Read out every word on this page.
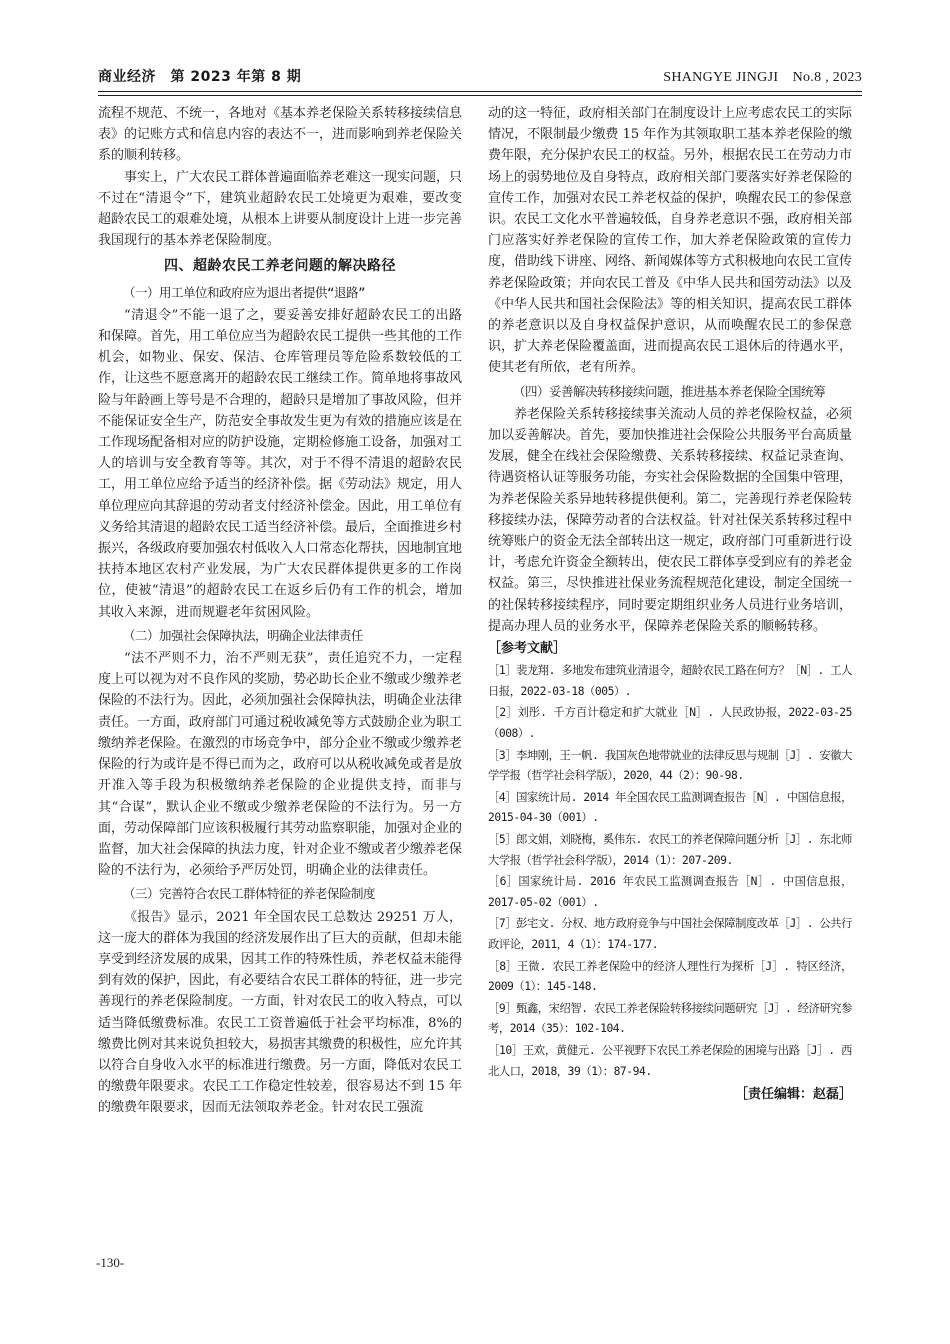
商业经济　第 2023 年第 8 期	SHANGYE JINGJI　No.8 , 2023

流程不规范、不统一，各地对《基本养老保险关系转移接续信息表》的记账方式和信息内容的表达不一，进而影响到养老保险关系的顺利转移。

事实上，广大农民工群体普遍面临养老难这一现实问题，只不过在“清退令”下，建筑业超龄农民工处境更为艰难，要改变超龄农民工的艰难处境，从根本上讲要从制度设计上进一步完善我国现行的基本养老保险制度。

四、超龄农民工养老问题的解决路径
（一）用工单位和政府应为退出者提供“退路”

“清退令”不能一退了之，要妥善安排好超龄农民工的出路和保障。首先，用工单位应当为超龄农民工提供一些其他的工作机会，如物业、保安、保洁、仓库管理员等危险系数较低的工作，让这些不愿意离开的超龄农民工继续工作。简单地将事故风险与年龄画上等号是不合理的，超龄只是增加了事故风险，但并不能保证安全生产，防范安全事故发生更为有效的措施应该是在工作现场配备相对应的防护设施，定期检修施工设备，加强对工人的培训与安全教育等等。其次，对于不得不清退的超龄农民工，用工单位应给予适当的经济补偿。据《劳动法》规定，用人单位理应向其辞退的劳动者支付经济补偿金。因此，用工单位有义务给其清退的超龄农民工适当经济补偿。最后，全面推进乡村振兴，各级政府要加强农村低收入人口常态化帮扶，因地制宜地扶持本地区农村产业发展，为广大农民群体提供更多的工作岗位，使被“清退”的超龄农民工在返乡后仍有工作的机会，增加其收入来源，进而规避老年贫困风险。

（二）加强社会保障执法，明确企业法律责任

“法不严则不力，治不严则无获”，责任追究不力，一定程度上可以视为对不良作风的奖励，势必助长企业不缴或少缴养老保险的不法行为。因此，必须加强社会保障执法，明确企业法律责任。一方面，政府部门可通过税收减免等方式鼓励企业为职工缴纳养老保险。在激烈的市场竞争中，部分企业不缴或少缴养老保险的行为或许是不得已而为之，政府可以从税收减免或者是放开准入等手段为积极缴纳养老保险的企业提供支持，而非与其“合谋”，默认企业不缴或少缴养老保险的不法行为。另一方面，劳动保障部门应该积极履行其劳动监察职能，加强对企业的监督，加大社会保障的执法力度，针对企业不缴或者少缴养老保险的不法行为，必须给予严厉处罚，明确企业的法律责任。

（三）完善符合农民工群体特征的养老保险制度

《报告》显示，2021 年全国农民工总数达 29251 万人，这一庞大的群体为我国的经济发展作出了巨大的贡献，但却未能享受到经济发展的成果，因其工作的特殊性质，养老权益未能得到有效的保护，因此，有必要结合农民工群体的特征，进一步完善现行的养老保险制度。一方面，针对农民工的收入特点，可以适当降低缴费标准。农民工工资普遍低于社会平均标准，8%的缴费比例对其来说负担较大，易损害其缴费的积极性，应允许其以符合自身收入水平的标准进行缴费。另一方面，降低对农民工的缴费年限要求。农民工工作稳定性较差，很容易达不到 15 年的缴费年限要求，因而无法领取养老金。针对农民工强流

动的这一特征，政府相关部门在制度设计上应考虑农民工的实际情况，不限制最少缴费 15 年作为其领取职工基本养老保险的缴费年限，充分保护农民工的权益。另外，根据农民工在劳动力市场上的弱势地位及自身特点，政府相关部门要落实好养老保险的宣传工作，加强对农民工养老权益的保护，唤醒农民工的参保意识。农民工文化水平普遍较低，自身养老意识不强，政府相关部门应落实好养老保险的宣传工作，加大养老保险政策的宣传力度，借助线下讲座、网络、新闻媒体等方式积极地向农民工宣传养老保险政策；并向农民工普及《中华人民共和国劳动法》以及《中华人民共和国社会保险法》等的相关知识，提高农民工群体的养老意识以及自身权益保护意识，从而唤醒农民工的参保意识，扩大养老保险覆盖面，进而提高农民工退休后的待遇水平，使其老有所依，老有所养。

（四）妥善解决转移接续问题，推进基本养老保险全国统筹

养老保险关系转移接续事关流动人员的养老保险权益，必须加以妥善解决。首先，要加快推进社会保险公共服务平台高质量发展，健全在线社会保险缴费、关系转移接续、权益记录查询、待遇资格认证等服务功能，夯实社会保险数据的全国集中管理，为养老保险关系异地转移提供便利。第二，完善现行养老保险转移接续办法，保障劳动者的合法权益。针对社保关系转移过程中统筹账户的资金无法全部转出这一规定，政府部门可重新进行设计，考虑允许资金全额转出，使农民工群体享受到应有的养老金权益。第三，尽快推进社保业务流程规范化建设，制定全国统一的社保转移接续程序，同时要定期组织业务人员进行业务培训，提高办理人员的业务水平，保障养老保险关系的顺畅转移。

［参考文献］
［1］裴龙翔. 多地发布建筑业清退令，超龄农民工路在何方？［N］. 工人日报，2022-03-18（005）.
［2］刘彤. 千方百计稳定和扩大就业［N］. 人民政协报，2022-03-25（008）.
［3］李坤刚，王一帆. 我国灰色地带就业的法律反思与规制［J］. 安徽大学学报（哲学社会科学版），2020，44（2）：90-98.
［4］国家统计局. 2014 年全国农民工监测调查报告［N］. 中国信息报，2015-04-30（001）.
［5］郎文娟，刘晓梅，奚伟东. 农民工的养老保障问题分析［J］. 东北师大学报（哲学社会科学版），2014（1）：207-209.
［6］国家统计局. 2016 年农民工监测调查报告［N］. 中国信息报，2017-05-02（001）.
［7］彭宅文. 分权、地方政府竞争与中国社会保障制度改革［J］. 公共行政评论，2011，4（1）：174-177.
［8］王微. 农民工养老保险中的经济人理性行为探析［J］. 特区经济，2009（1）：145-148.
［9］甄鑫，宋绍智. 农民工养老保险转移接续问题研究［J］. 经济研究参考，2014（35）：102-104.
［10］王欢，黄健元. 公平视野下农民工养老保险的困境与出路［J］. 西北人口，2018，39（1）：87-94.
［责任编辑：赵磊］
-130-
